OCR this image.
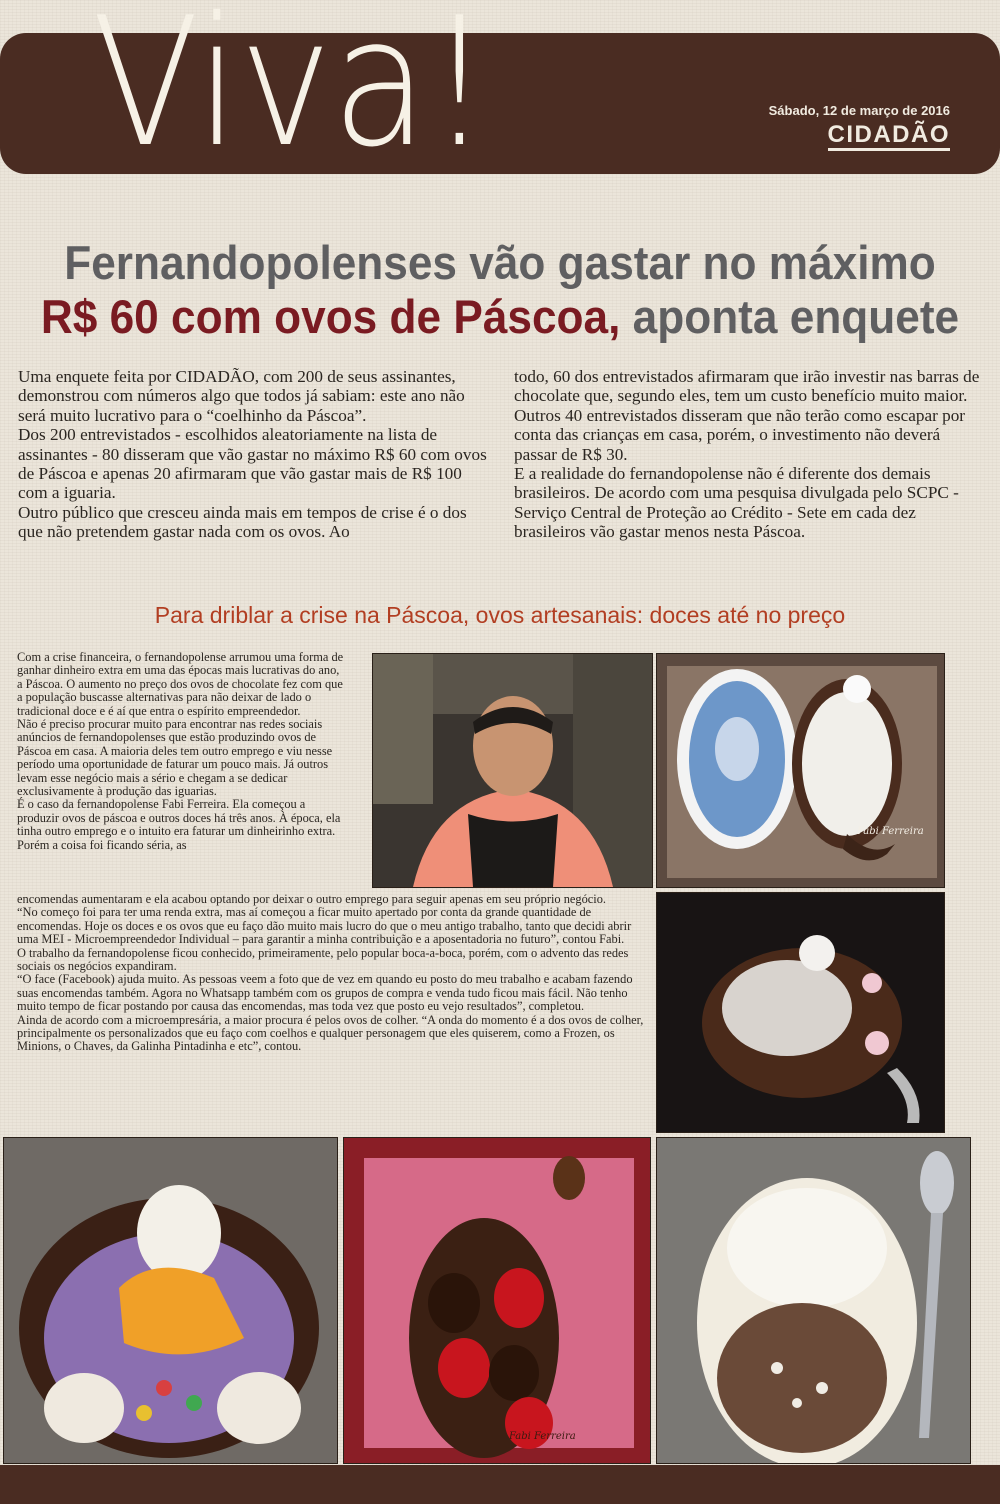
Viva!	Sábado, 12 de março de 2016
CIDADÃO
Fernandopolenses vão gastar no máximo
R$ 60 com ovos de Páscoa, aponta enquete

Uma enquete feita por CIDADÃO, com 200 de seus assinantes, demonstrou com números algo que todos já sabiam: este ano não será muito lucrativo para o “coelhinho da Páscoa”.

Dos 200 entrevistados - escolhidos aleatoriamente na lista de assinantes - 80 disseram que vão gastar no máximo R$ 60 com ovos de Páscoa e apenas 20 afirmaram que vão gastar mais de R$ 100 com a iguaria.

Outro público que cresceu ainda mais em tempos de crise é o dos que não pretendem gastar nada com os ovos. Ao

todo, 60 dos entrevistados afirmaram que irão investir nas barras de chocolate que, segundo eles, tem um custo benefício muito maior.

Outros 40 entrevistados disseram que não terão como escapar por conta das crianças em casa, porém, o investimento não deverá passar de R$ 30.

E a realidade do fernandopolense não é diferente dos demais brasileiros. De acordo com uma pesquisa divulgada pelo SCPC - Serviço Central de Proteção ao Crédito - Sete em cada dez brasileiros vão gastar menos nesta Páscoa.

Para driblar a crise na Páscoa, ovos artesanais: doces até no preço

Com a crise financeira, o fernandopolense arrumou uma forma de ganhar dinheiro extra em uma das épocas mais lucrativas do ano, a Páscoa. O aumento no preço dos ovos de chocolate fez com que a população buscasse alternativas para não deixar de lado o tradicional doce e é aí que entra o espírito empreendedor.

Não é preciso procurar muito para encontrar nas redes sociais anúncios de fernandopolenses que estão produzindo ovos de Páscoa em casa. A maioria deles tem outro emprego e viu nesse período uma oportunidade de faturar um pouco mais. Já outros levam esse negócio mais a sério e chegam a se dedicar exclusivamente à produção das iguarias.

É o caso da fernandopolense Fabi Ferreira. Ela começou a produzir ovos de páscoa e outros doces há três anos. À época, ela tinha outro emprego e o intuito era faturar um dinheirinho extra. Porém a coisa foi ficando séria, as

encomendas aumentaram e ela acabou optando por deixar o outro emprego para seguir apenas em seu próprio negócio.

“No começo foi para ter uma renda extra, mas aí começou a ficar muito apertado por conta da grande quantidade de encomendas. Hoje os doces e os ovos que eu faço dão muito mais lucro do que o meu antigo trabalho, tanto que decidi abrir uma MEI - Microempreendedor Individual – para garantir a minha contribuição e a aposentadoria no futuro”, contou Fabi.

O trabalho da fernandopolense ficou conhecido, primeiramente, pelo popular boca-a-boca, porém, com o advento das redes sociais os negócios expandiram.

“O face (Facebook) ajuda muito. As pessoas veem a foto que de vez em quando eu posto do meu trabalho e acabam fazendo suas encomendas também. Agora no Whatsapp também com os grupos de compra e venda tudo ficou mais fácil. Não tenho muito tempo de ficar postando por causa das encomendas, mas toda vez que posto eu vejo resultados”, completou.

Ainda de acordo com a microempresária, a maior procura é pelos ovos de colher. “A onda do momento é a dos ovos de colher, principalmente os personalizados que eu faço com coelhos e qualquer personagem que eles quiserem, como a Frozen, os Minions, o Chaves, da Galinha Pintadinha e etc”, contou.

Fabi Ferreira
Fabi Ferreira
